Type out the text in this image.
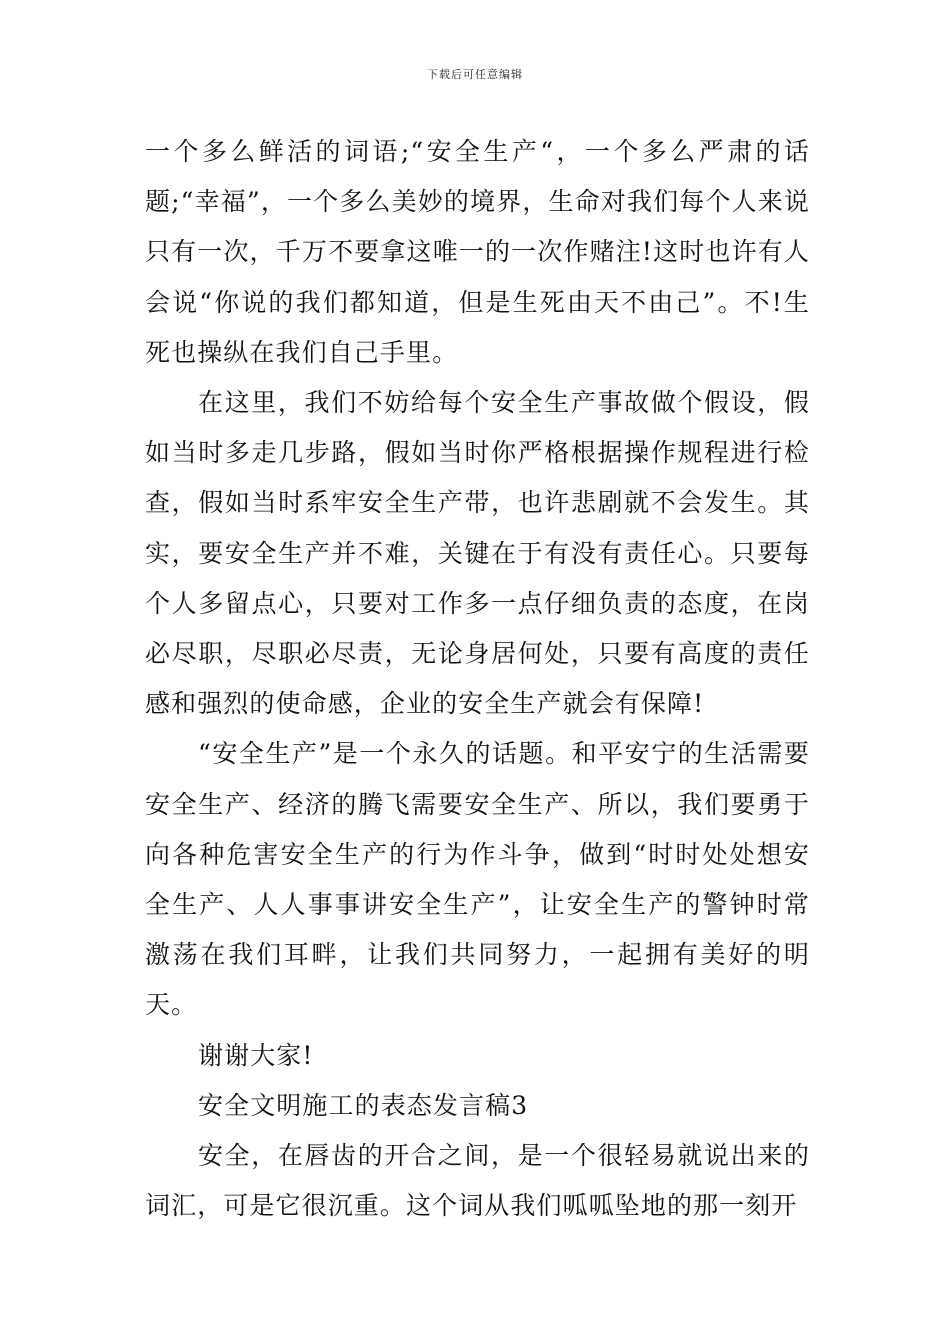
下载后可任意编辑

一个多么鲜活的词语;“安全生产“，一个多么严肃的话题;“幸福”，一个多么美妙的境界，生命对我们每个人来说只有一次，千万不要拿这唯一的一次作赌注!这时也许有人会说“你说的我们都知道，但是生死由天不由己”。不!生死也操纵在我们自己手里。

在这里，我们不妨给每个安全生产事故做个假设，假如当时多走几步路，假如当时你严格根据操作规程进行检查，假如当时系牢安全生产带，也许悲剧就不会发生。其实，要安全生产并不难，关键在于有没有责任心。只要每个人多留点心，只要对工作多一点仔细负责的态度，在岗必尽职，尽职必尽责，无论身居何处，只要有高度的责任感和强烈的使命感，企业的安全生产就会有保障!

“安全生产”是一个永久的话题。和平安宁的生活需要安全生产、经济的腾飞需要安全生产、所以，我们要勇于向各种危害安全生产的行为作斗争，做到“时时处处想安全生产、人人事事讲安全生产”，让安全生产的警钟时常激荡在我们耳畔，让我们共同努力，一起拥有美好的明天。

谢谢大家!

安全文明施工的表态发言稿3

安全，在唇齿的开合之间，是一个很轻易就说出来的词汇，可是它很沉重。这个词从我们呱呱坠地的那一刻开
